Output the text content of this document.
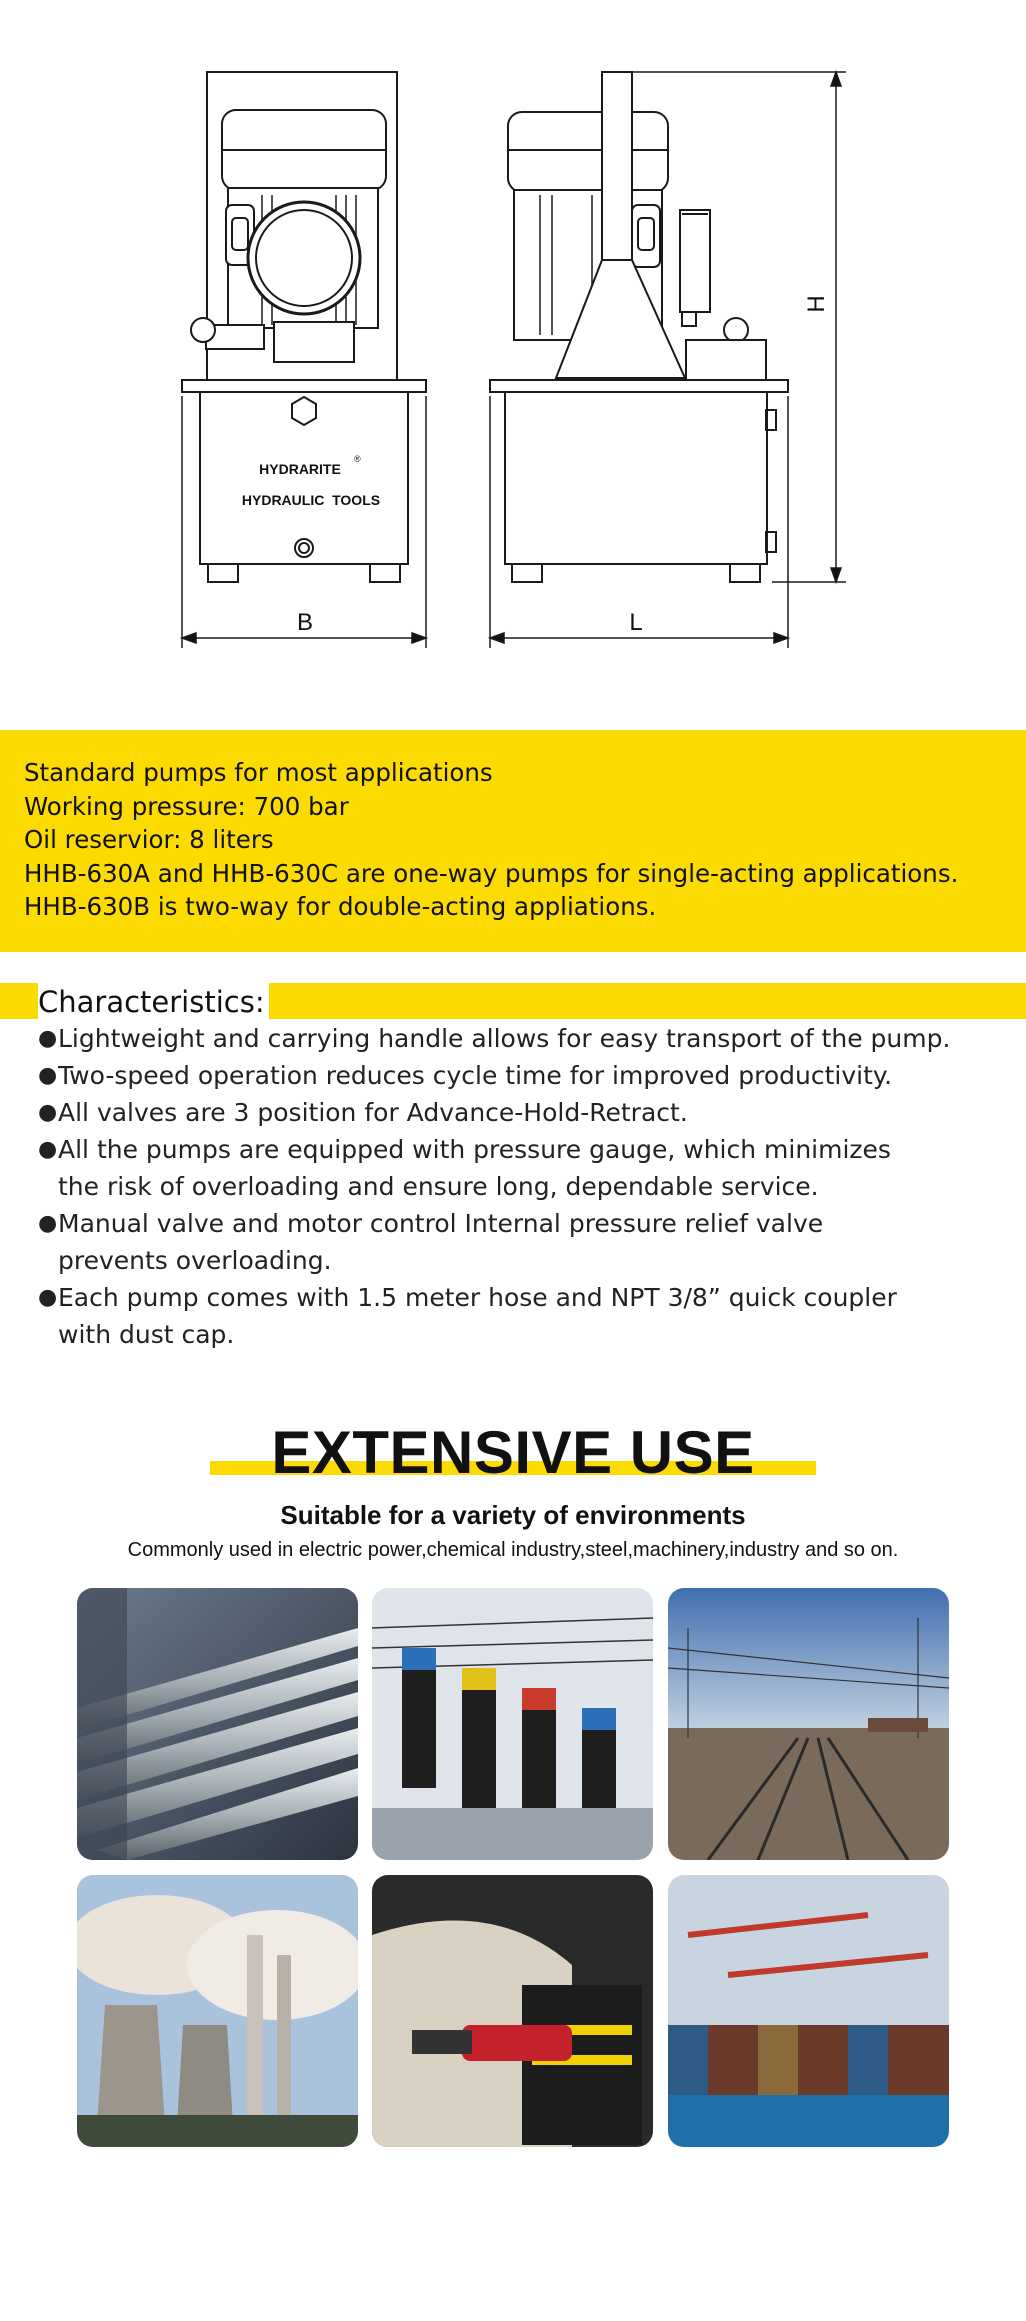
B	L
H
HYDRARITE
®
HYDRAULIC  TOOLS
Standard pumps for most applications
Working pressure: 700 bar
Oil reservior: 8 liters
HHB-630A and HHB-630C are one-way pumps for single-acting applications.
HHB-630B is two-way for double-acting appliations.
Characteristics:
● Lightweight and carrying handle allows for easy transport of the pump.
● Two-speed operation reduces cycle time for improved productivity.
● All valves are 3 position for Advance-Hold-Retract.
● All the pumps are equipped with pressure gauge, which minimizes
the risk of overloading and ensure long, dependable service.
● Manual valve and motor control Internal pressure relief valve
prevents overloading.
● Each pump comes with 1.5 meter hose and NPT 3/8” quick coupler
with dust cap.
EXTENSIVE USE
Suitable for a variety of environments
Commonly used in electric power,chemical industry,steel,machinery,industry and so on.
